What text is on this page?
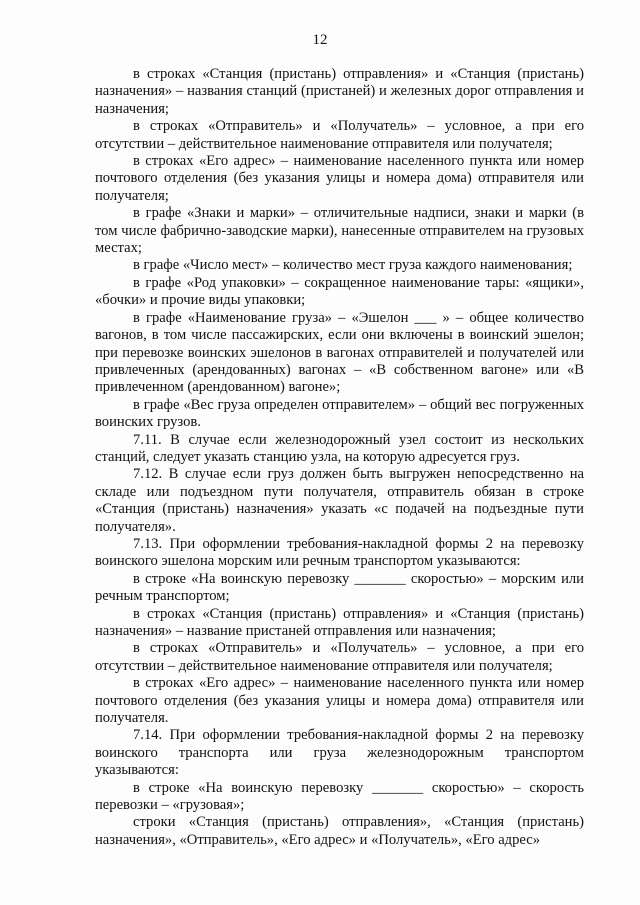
12

в строках «Станция (пристань) отправления» и «Станция (пристань) назначения» – названия станций (пристаней) и железных дорог отправления и назначения;

в строках «Отправитель» и «Получатель» – условное, а при его отсутствии – действительное наименование отправителя или получателя;

в строках «Его адрес» – наименование населенного пункта или номер почтового отделения (без указания улицы и номера дома) отправителя или получателя;

в графе «Знаки и марки» – отличительные надписи, знаки и марки (в том числе фабрично-заводские марки), нанесенные отправителем на грузовых местах;

в графе «Число мест» – количество мест груза каждого наименования;

в графе «Род упаковки» – сокращенное наименование тары: «ящики», «бочки» и прочие виды упаковки;

в графе «Наименование груза» – «Эшелон ___ » – общее количество вагонов, в том числе пассажирских, если они включены в воинский эшелон; при перевозке воинских эшелонов в вагонах отправителей и получателей или привлеченных (арендованных) вагонах – «В собственном вагоне» или «В привлеченном (арендованном) вагоне»;

в графе «Вес груза определен отправителем» – общий вес погруженных воинских грузов.

7.11. В случае если железнодорожный узел состоит из нескольких станций, следует указать станцию узла, на которую адресуется груз.

7.12. В случае если груз должен быть выгружен непосредственно на складе или подъездном пути получателя, отправитель обязан в строке «Станция (пристань) назначения» указать «с подачей на подъездные пути получателя».

7.13. При оформлении требования-накладной формы 2 на перевозку воинского эшелона морским или речным транспортом указываются:

в строке «На воинскую перевозку _______ скоростью» – морским или речным транспортом;

в строках «Станция (пристань) отправления» и «Станция (пристань) назначения» – название пристаней отправления или назначения;

в строках «Отправитель» и «Получатель» – условное, а при его отсутствии – действительное наименование отправителя или получателя;

в строках «Его адрес» – наименование населенного пункта или номер почтового отделения (без указания улицы и номера дома) отправителя или получателя.

7.14. При оформлении требования-накладной формы 2 на перевозку воинского транспорта или груза железнодорожным транспортом указываются:

в строке «На воинскую перевозку _______ скоростью» – скорость перевозки – «грузовая»;

строки «Станция (пристань) отправления», «Станция (пристань) назначения», «Отправитель», «Его адрес» и «Получатель», «Его адрес»
